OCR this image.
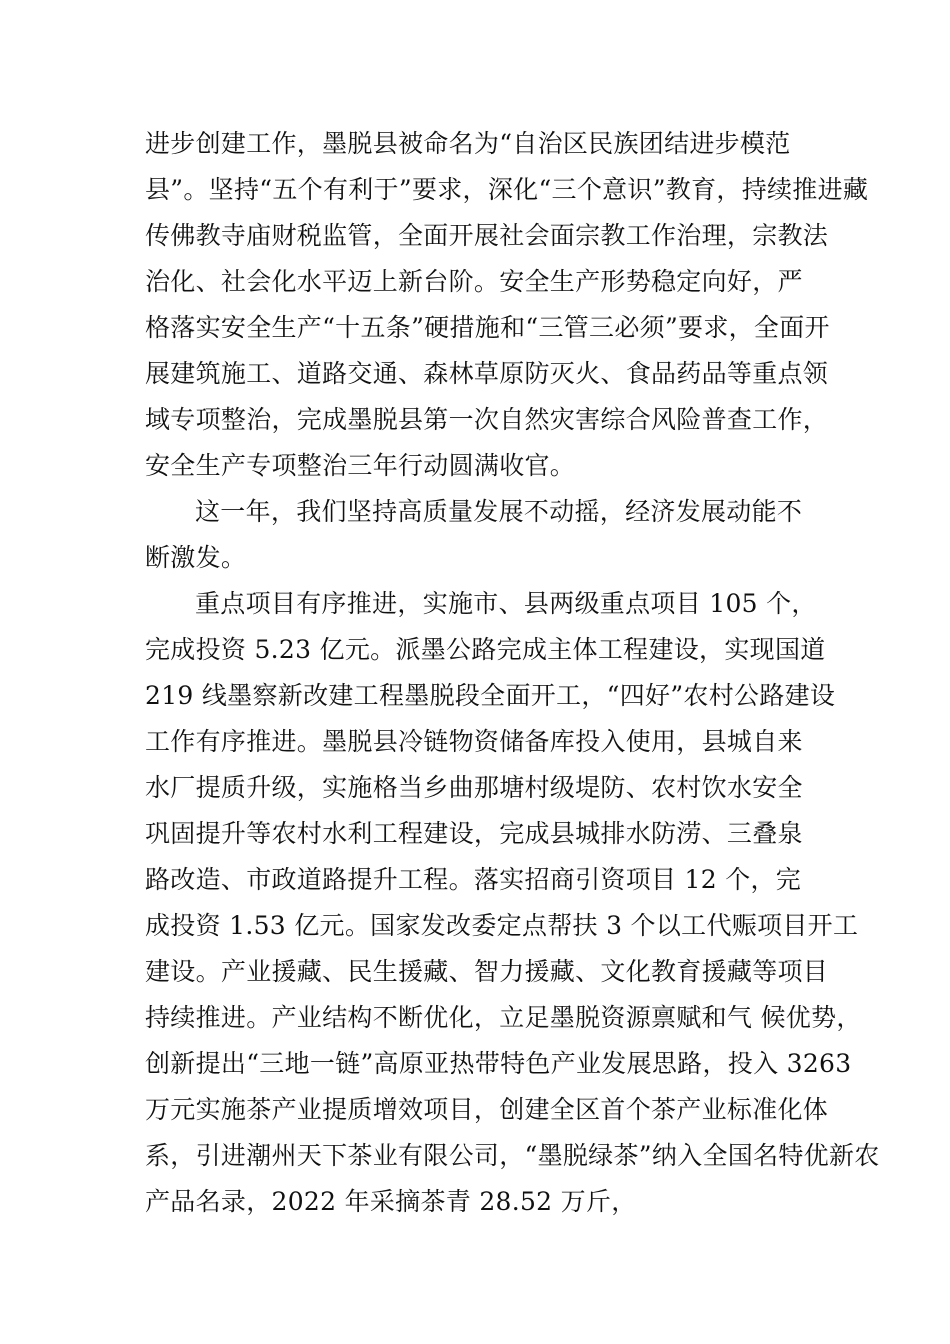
进步创建工作，墨脱县被命名为“自治区民族团结进步模范

县”。坚持“五个有利于”要求，深化“三个意识”教育，持续推进藏

传佛教寺庙财税监管，全面开展社会面宗教工作治理，宗教法

治化、社会化水平迈上新台阶。安全生产形势稳定向好，严

格落实安全生产“十五条”硬措施和“三管三必须”要求，全面开

展建筑施工、道路交通、森林草原防灭火、食品药品等重点领

域专项整治，完成墨脱县第一次自然灾害综合风险普查工作，

安全生产专项整治三年行动圆满收官。

这一年，我们坚持高质量发展不动摇，经济发展动能不

断激发。

重点项目有序推进，实施市、县两级重点项目 105 个，

完成投资 5.23 亿元。派墨公路完成主体工程建设，实现国道

219 线墨察新改建工程墨脱段全面开工，“四好”农村公路建设

工作有序推进。墨脱县冷链物资储备库投入使用，县城自来

水厂提质升级，实施格当乡曲那塘村级堤防、农村饮水安全

巩固提升等农村水利工程建设，完成县城排水防涝、三叠泉

路改造、市政道路提升工程。落实招商引资项目 12 个，完

成投资 1.53 亿元。国家发改委定点帮扶 3 个以工代赈项目开工

建设。产业援藏、民生援藏、智力援藏、文化教育援藏等项目

持续推进。产业结构不断优化，立足墨脱资源禀赋和气 候优势，

创新提出“三地一链”高原亚热带特色产业发展思路，投入 3263

万元实施茶产业提质增效项目，创建全区首个茶产业标准化体

系，引进潮州天下茶业有限公司，“墨脱绿茶”纳入全国名特优新农

产品名录，2022 年采摘茶青 28.52 万斤，
